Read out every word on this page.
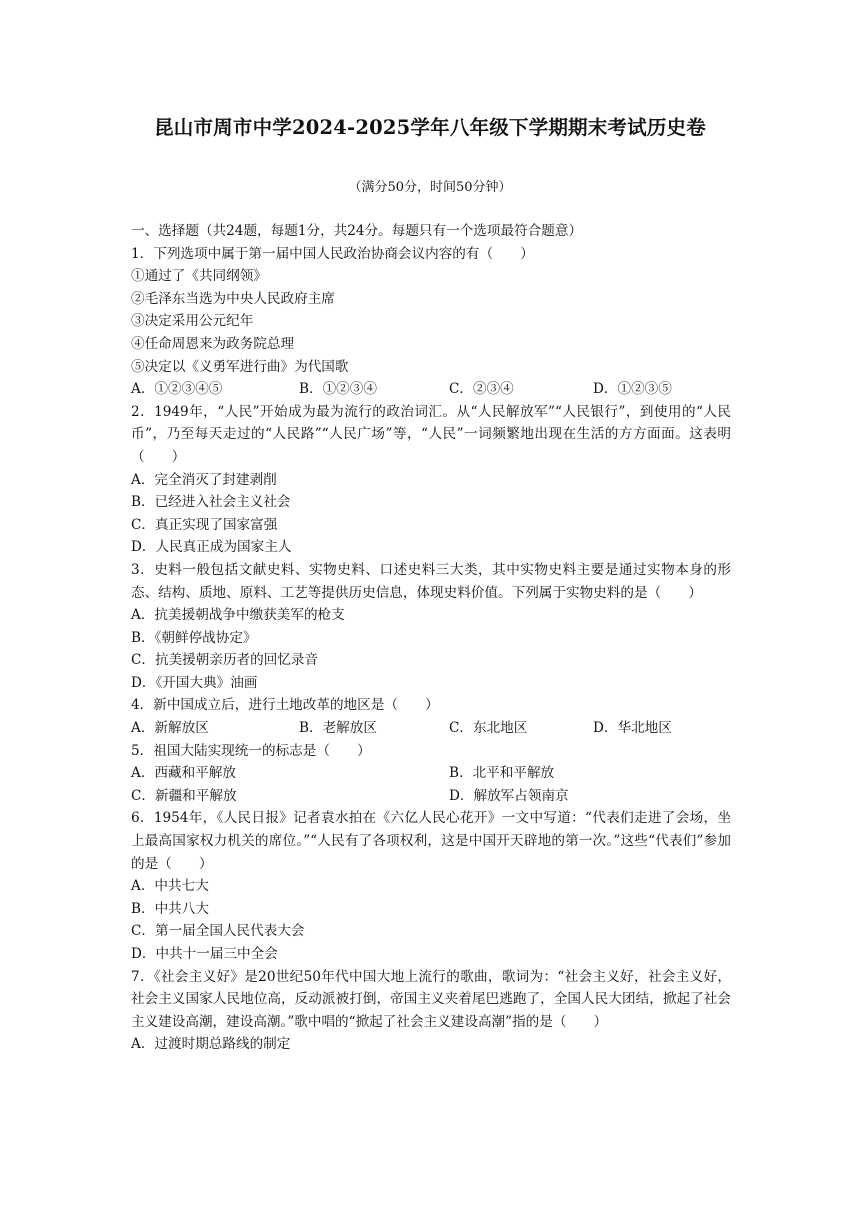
昆山市周市中学2024-2025学年八年级下学期期末考试历史卷
（满分50分，时间50分钟）
一、选择题（共24题，每题1分，共24分。每题只有一个选项最符合题意）
1．下列选项中属于第一届中国人民政治协商会议内容的有（　　）
①通过了《共同纲领》
②毛泽东当选为中央人民政府主席
③决定采用公元纪年
④任命周恩来为政务院总理
⑤决定以《义勇军进行曲》为代国歌
A．①②③④⑤	B．①②③④	C．②③④	D．①②③⑤
2．1949年，“人民”开始成为最为流行的政治词汇。从“人民解放军”“人民银行”，到使用的“人民币”，乃至每天走过的“人民路”“人民广场”等，“人民”一词频繁地出现在生活的方方面面。这表明（　　）
A．完全消灭了封建剥削
B．已经进入社会主义社会
C．真正实现了国家富强
D．人民真正成为国家主人
3．史料一般包括文献史料、实物史料、口述史料三大类，其中实物史料主要是通过实物本身的形态、结构、质地、原料、工艺等提供历史信息，体现史料价值。下列属于实物史料的是（　　）
A．抗美援朝战争中缴获美军的枪支
B．《朝鲜停战协定》
C．抗美援朝亲历者的回忆录音
D．《开国大典》油画
4．新中国成立后，进行土地改革的地区是（　　）
A．新解放区	B．老解放区	C．东北地区	D．华北地区
5．祖国大陆实现统一的标志是（　　）
A．西藏和平解放	B．北平和平解放
C．新疆和平解放	D．解放军占领南京
6．1954年，《人民日报》记者袁水拍在《六亿人民心花开》一文中写道：“代表们走进了会场，坐上最高国家权力机关的席位。”“人民有了各项权利，这是中国开天辟地的第一次。”这些“代表们”参加的是（　　）
A．中共七大
B．中共八大
C．第一届全国人民代表大会
D．中共十一届三中全会
7．《社会主义好》是20世纪50年代中国大地上流行的歌曲，歌词为：“社会主义好，社会主义好，社会主义国家人民地位高，反动派被打倒，帝国主义夹着尾巴逃跑了，全国人民大团结，掀起了社会主义建设高潮，建设高潮。”歌中唱的“掀起了社会主义建设高潮”指的是（　　）
A．过渡时期总路线的制定
